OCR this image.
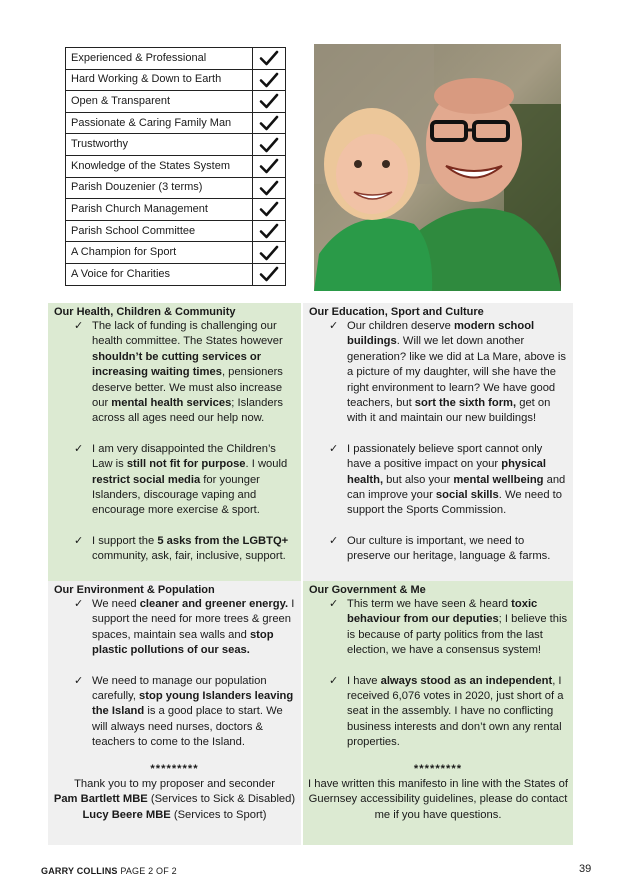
Experienced & Professional	

Hard Working & Down to Earth	

Open & Transparent	

Passionate & Caring Family Man	

Trustworthy	

Knowledge of the States System	

Parish Douzenier (3 terms)	

Parish Church Management	

Parish School Committee	

A Champion for Sport	

A Voice for Charities	
Our Health, Children & Community
✓ The lack of funding is challenging our health committee. The States however shouldn’t be cutting services or increasing waiting times, pensioners deserve better. We must also increase our mental health services; Islanders across all ages need our help now.
✓ I am very disappointed the Children’s Law is still not fit for purpose. I would restrict social media for younger Islanders, discourage vaping and encourage more exercise & sport.
✓ I support the 5 asks from the LGBTQ+ community, ask, fair, inclusive, support.
Our Education, Sport and Culture
✓ Our children deserve modern school buildings. Will we let down another generation? like we did at La Mare, above is a picture of my daughter, will she have the right environment to learn? We have good teachers, but sort the sixth form, get on with it and maintain our new buildings!
✓ I passionately believe sport cannot only have a positive impact on your physical health, but also your mental wellbeing and can improve your social skills. We need to support the Sports Commission.
✓ Our culture is important, we need to preserve our heritage, language & farms.
Our Environment & Population
✓ We need cleaner and greener energy. I support the need for more trees & green spaces, maintain sea walls and stop plastic pollutions of our seas.
✓ We need to manage our population carefully, stop young Islanders leaving the Island is a good place to start. We will always need nurses, doctors & teachers to come to the Island.
*********
Thank you to my proposer and seconder
Pam Bartlett MBE (Services to Sick & Disabled)
Lucy Beere MBE (Services to Sport)
Our Government & Me
✓ This term we have seen & heard toxic behaviour from our deputies; I believe this is because of party politics from the last election, we have a consensus system!
✓ I have always stood as an independent, I received 6,076 votes in 2020, just short of a seat in the assembly. I have no conflicting business interests and don’t own any rental properties.
*********
I have written this manifesto in line with the States of Guernsey accessibility guidelines, please do contact me if you have questions.
GARRY COLLINS PAGE 2 OF 2	39
